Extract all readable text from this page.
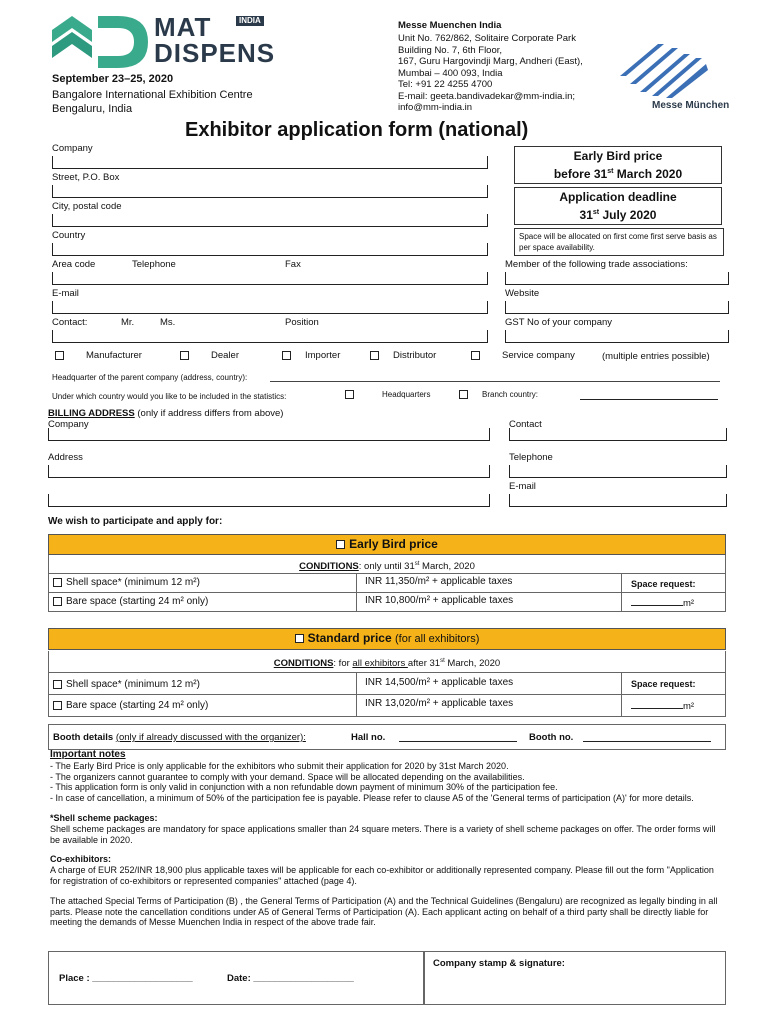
MAT	INDIA
DISPENS
September 23–25, 2020
Bangalore International Exhibition Centre
Bengaluru, India
Messe Muenchen India
Unit No. 762/862, Solitaire Corporate Park
Building No. 7, 6th Floor,
167, Guru Hargovindji Marg, Andheri (East),
Mumbai – 400 093, India
Tel: +91 22 4255 4700
E-mail: geeta.bandivadekar@mm-india.in;
info@mm-india.in	Messe München
Exhibitor application form (national)
Company
Street, P.O. Box
City, postal code
Country
Early Bird price
before 31st March 2020
Application deadline
31st July 2020
Space will be allocated on first come first serve basis as per space availability.
Area code	Telephone	Fax	Member of the following trade associations:
E-mail	Website
Contact:	Mr.	Ms.	Position	GST No of your company
Manufacturer	Dealer	Importer	Distributor	Service company	(multiple entries possible)
Headquarter of the parent company (address, country):
Under which country would you like to be included in the statistics:	Headquarters	Branch country:
BILLING ADDRESS (only if address differs from above)
Company	Contact
Address	Telephone
E-mail
We wish to participate and apply for:
Early Bird price
CONDITIONS: only until 31st March, 2020
Shell space* (minimum 12 m²)	INR 11,350/m² + applicable taxes	Space request:
Bare space (starting 24 m² only)	INR 10,800/m² + applicable taxes	m²
Standard price (for all exhibitors)
CONDITIONS: for all exhibitors after 31st March, 2020
Shell space* (minimum 12 m²)	INR 14,500/m² + applicable taxes	Space request:
Bare space (starting 24 m² only)	INR 13,020/m² + applicable taxes	m²
Booth details (only if already discussed with the organizer):	Hall no.	Booth no.

Important notes

- The Early Bird Price is only applicable for the exhibitors who submit their application for 2020 by 31st March 2020.

- The organizers cannot guarantee to comply with your demand. Space will be allocated depending on the availabilities.

- This application form is only valid in conjunction with a non refundable down payment of minimum 30% of the participation fee.

- In case of cancellation, a minimum of 50% of the participation fee is payable. Please refer to clause A5 of the 'General terms of participation (A)' for more details.

*Shell scheme packages:

Shell scheme packages are mandatory for space applications smaller than 24 square meters. There is a variety of shell scheme packages on offer. The order forms will be available in 2020.

Co-exhibitors:

A charge of EUR 252/INR 18,900 plus applicable taxes will be applicable for each co-exhibitor or additionally represented company. Please fill out the form "Application for registration of co-exhibitors or represented companies" attached (page 4).

The attached Special Terms of Participation (B) , the General Terms of Participation (A) and the Technical Guidelines (Bengaluru) are recognized as legally binding in all parts. Please note the cancellation conditions under A5 of General Terms of Participation (A). Each applicant acting on behalf of a third party shall be directly liable for meeting the demands of Messe Muenchen India in respect of the above trade fair.

Place : ___________________	Date: ___________________
Company stamp & signature:
